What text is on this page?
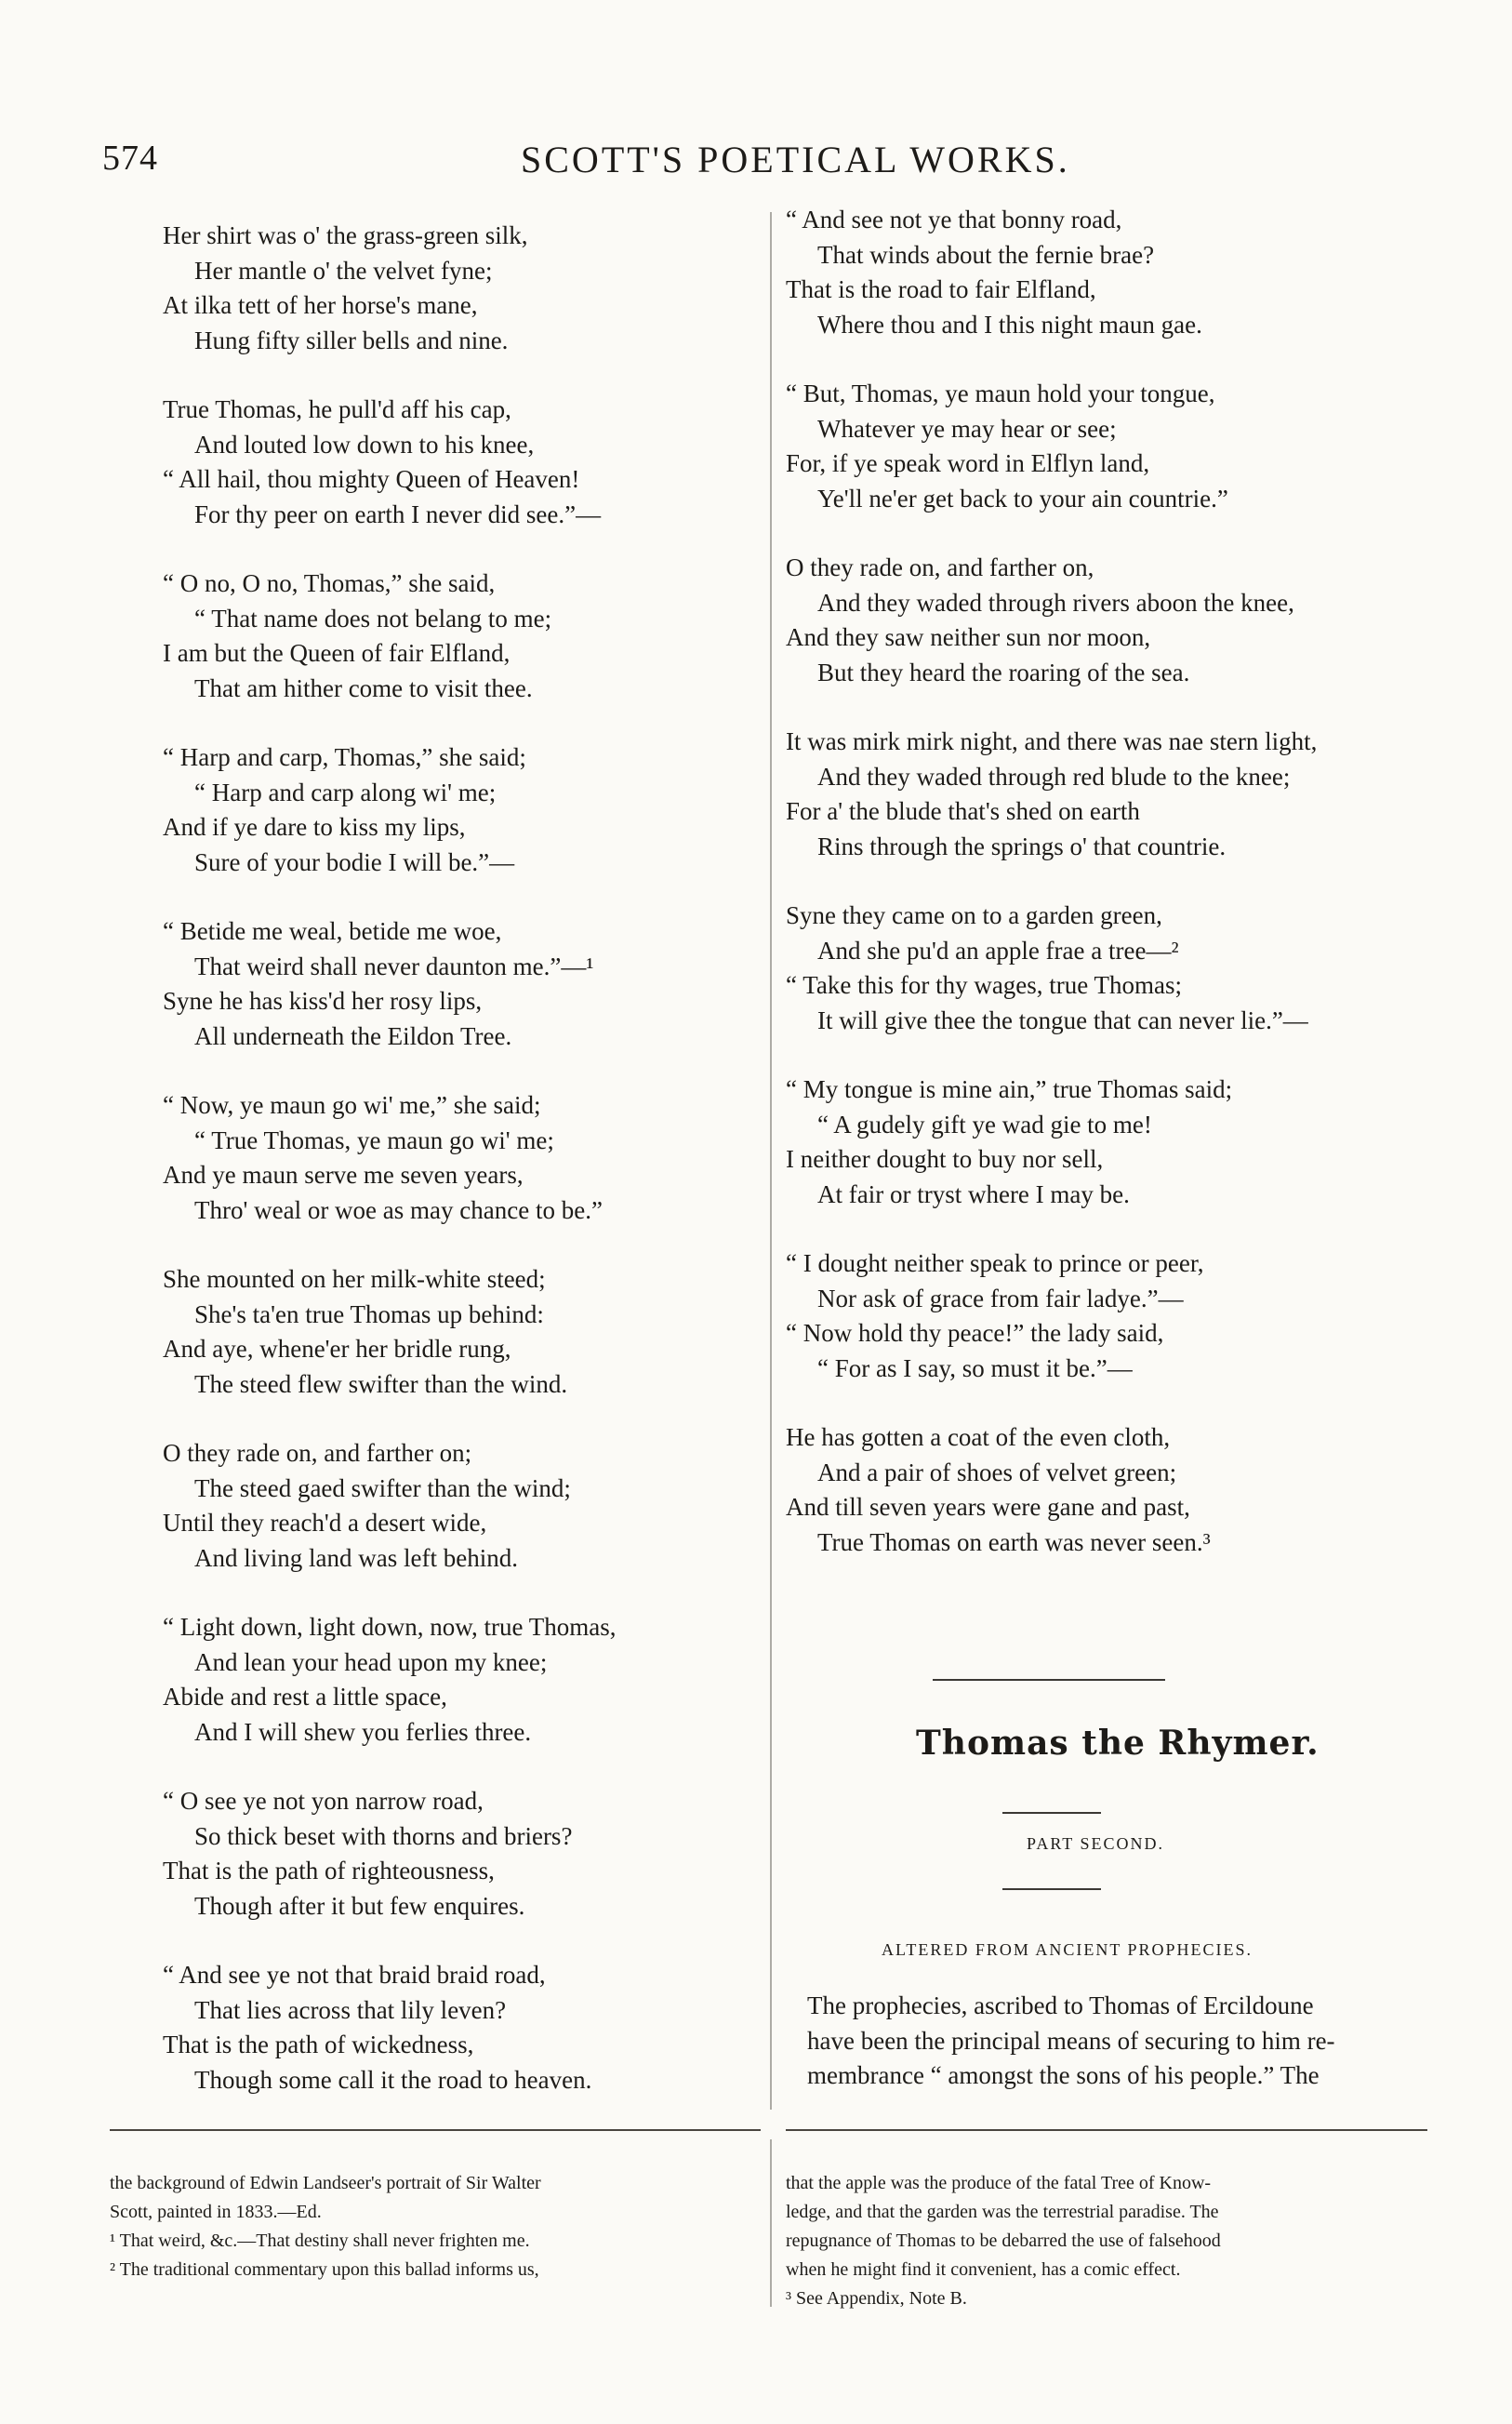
574	SCOTT'S POETICAL WORKS.
Her shirt was o' the grass-green silk,
Her mantle o' the velvet fyne;
At ilka tett of her horse's mane,
Hung fifty siller bells and nine.
True Thomas, he pull'd aff his cap,
And louted low down to his knee,
“ All hail, thou mighty Queen of Heaven!
For thy peer on earth I never did see.”—
“ O no, O no, Thomas,” she said,
“ That name does not belang to me;
I am but the Queen of fair Elfland,
That am hither come to visit thee.
“ Harp and carp, Thomas,” she said;
“ Harp and carp along wi' me;
And if ye dare to kiss my lips,
Sure of your bodie I will be.”—
“ Betide me weal, betide me woe,
That weird shall never daunton me.”—¹
Syne he has kiss'd her rosy lips,
All underneath the Eildon Tree.
“ Now, ye maun go wi' me,” she said;
“ True Thomas, ye maun go wi' me;
And ye maun serve me seven years,
Thro' weal or woe as may chance to be.”
She mounted on her milk-white steed;
She's ta'en true Thomas up behind:
And aye, whene'er her bridle rung,
The steed flew swifter than the wind.
O they rade on, and farther on;
The steed gaed swifter than the wind;
Until they reach'd a desert wide,
And living land was left behind.
“ Light down, light down, now, true Thomas,
And lean your head upon my knee;
Abide and rest a little space,
And I will shew you ferlies three.
“ O see ye not yon narrow road,
So thick beset with thorns and briers?
That is the path of righteousness,
Though after it but few enquires.
“ And see ye not that braid braid road,
That lies across that lily leven?
That is the path of wickedness,
Though some call it the road to heaven.
“ And see not ye that bonny road,
That winds about the fernie brae?
That is the road to fair Elfland,
Where thou and I this night maun gae.
“ But, Thomas, ye maun hold your tongue,
Whatever ye may hear or see;
For, if ye speak word in Elflyn land,
Ye'll ne'er get back to your ain countrie.”
O they rade on, and farther on,
And they waded through rivers aboon the knee,
And they saw neither sun nor moon,
But they heard the roaring of the sea.
It was mirk mirk night, and there was nae stern light,
And they waded through red blude to the knee;
For a' the blude that's shed on earth
Rins through the springs o' that countrie.
Syne they came on to a garden green,
And she pu'd an apple frae a tree—²
“ Take this for thy wages, true Thomas;
It will give thee the tongue that can never lie.”—
“ My tongue is mine ain,” true Thomas said;
“ A gudely gift ye wad gie to me!
I neither dought to buy nor sell,
At fair or tryst where I may be.
“ I dought neither speak to prince or peer,
Nor ask of grace from fair ladye.”—
“ Now hold thy peace!” the lady said,
“ For as I say, so must it be.”—
He has gotten a coat of the even cloth,
And a pair of shoes of velvet green;
And till seven years were gane and past,
True Thomas on earth was never seen.³
Thomas the Rhymer.
PART SECOND.
ALTERED FROM ANCIENT PROPHECIES.
The prophecies, ascribed to Thomas of Ercildoune
have been the principal means of securing to him re-
membrance “ amongst the sons of his people.” The
the background of Edwin Landseer's portrait of Sir Walter
Scott, painted in 1833.—Ed.
¹ That weird, &c.—That destiny shall never frighten me.
² The traditional commentary upon this ballad informs us,
that the apple was the produce of the fatal Tree of Know-
ledge, and that the garden was the terrestrial paradise. The
repugnance of Thomas to be debarred the use of falsehood
when he might find it convenient, has a comic effect.
³ See Appendix, Note B.
